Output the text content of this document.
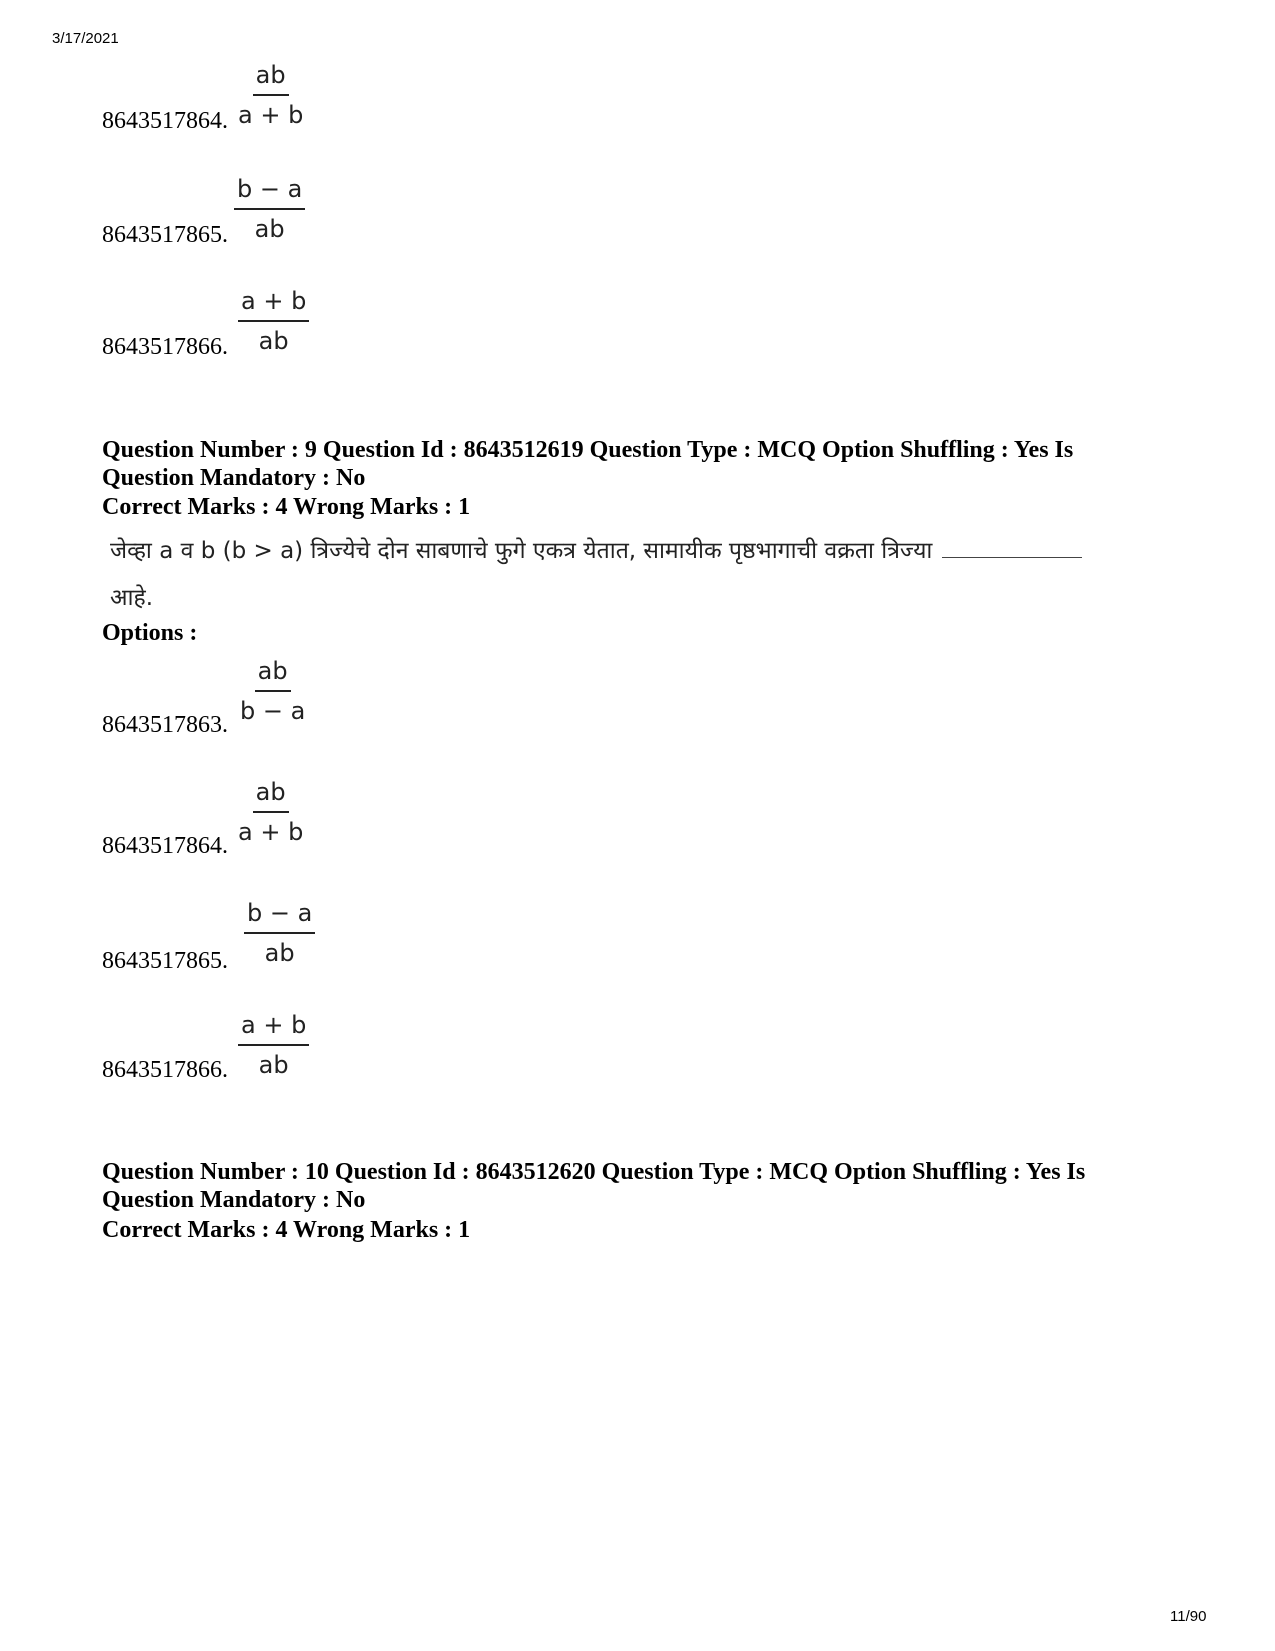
3/17/2021
$\frac{ab}{a + b}$
8643517864.
$\frac{b - a}{ab}$
8643517865.
$\frac{a + b}{ab}$
8643517866.
Question Number : 9 Question Id : 8643512619 Question Type : MCQ Option Shuffling : Yes Is
Question Mandatory : No
Correct Marks : 4 Wrong Marks : 1
जेव्हा a व b (b > a) त्रिज्येचे दोन साबणाचे फुगे एकत्र येतात, सामायीक पृष्ठभागाची वक्रता त्रिज्या
आहे.
Options :
$\frac{ab}{b - a}$
8643517863.
$\frac{ab}{a + b}$
8643517864.
$\frac{b - a}{ab}$
8643517865.
$\frac{a + b}{ab}$
8643517866.
Question Number : 10 Question Id : 8643512620 Question Type : MCQ Option Shuffling : Yes Is
Question Mandatory : No
Correct Marks : 4 Wrong Marks : 1
11/90
